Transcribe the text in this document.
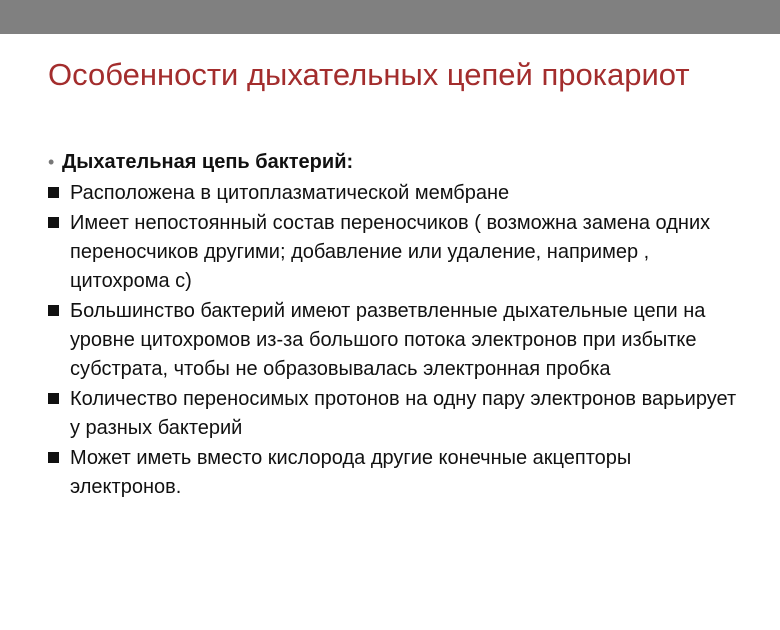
Особенности дыхательных цепей прокариот
• Дыхательная цепь бактерий:
Расположена в цитоплазматической мембране
Имеет непостоянный состав переносчиков ( возможна замена одних переносчиков другими; добавление или удаление, например , цитохрома с)
Большинство бактерий имеют разветвленные дыхательные цепи на уровне цитохромов из-за большого потока электронов при избытке субстрата, чтобы не образовывалась электронная пробка
Количество переносимых протонов на одну пару электронов варьирует у разных бактерий
Может иметь вместо кислорода другие конечные акцепторы электронов.
